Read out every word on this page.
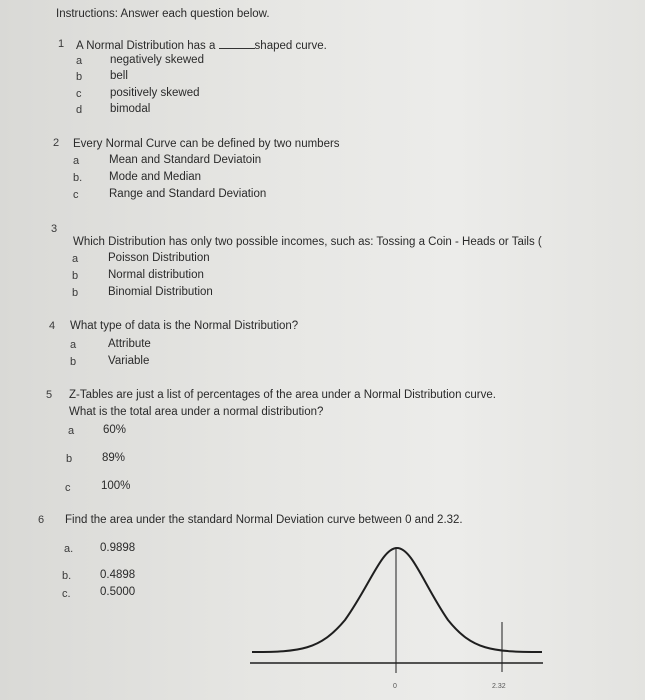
Instructions: Answer each question below.
1 A Normal Distribution has a	shaped curve.
a negatively skewed
b bell
c positively skewed
d bimodal
2 Every Normal Curve can be defined by two numbers
a	Mean and Standard Deviatoin
b. Mode and Median
c	Range and Standard Deviation
3
Which Distribution has only two possible incomes, such as: Tossing a Coin - Heads or Tails (
a	Poisson Distribution
b	Normal distribution
b	Binomial Distribution
4 What type of data is the Normal Distribution?
a	Attribute
b	Variable
5 Z-Tables are just a list of percentages of the area under a Normal Distribution curve.
What is the total area under a normal distribution?
a	60%
b	89%
c	100%
6 Find the area under the standard Normal Deviation curve between 0 and 2.32.
a. 0.9898
b.	0.4898
c.	0.5000
0	2.32
